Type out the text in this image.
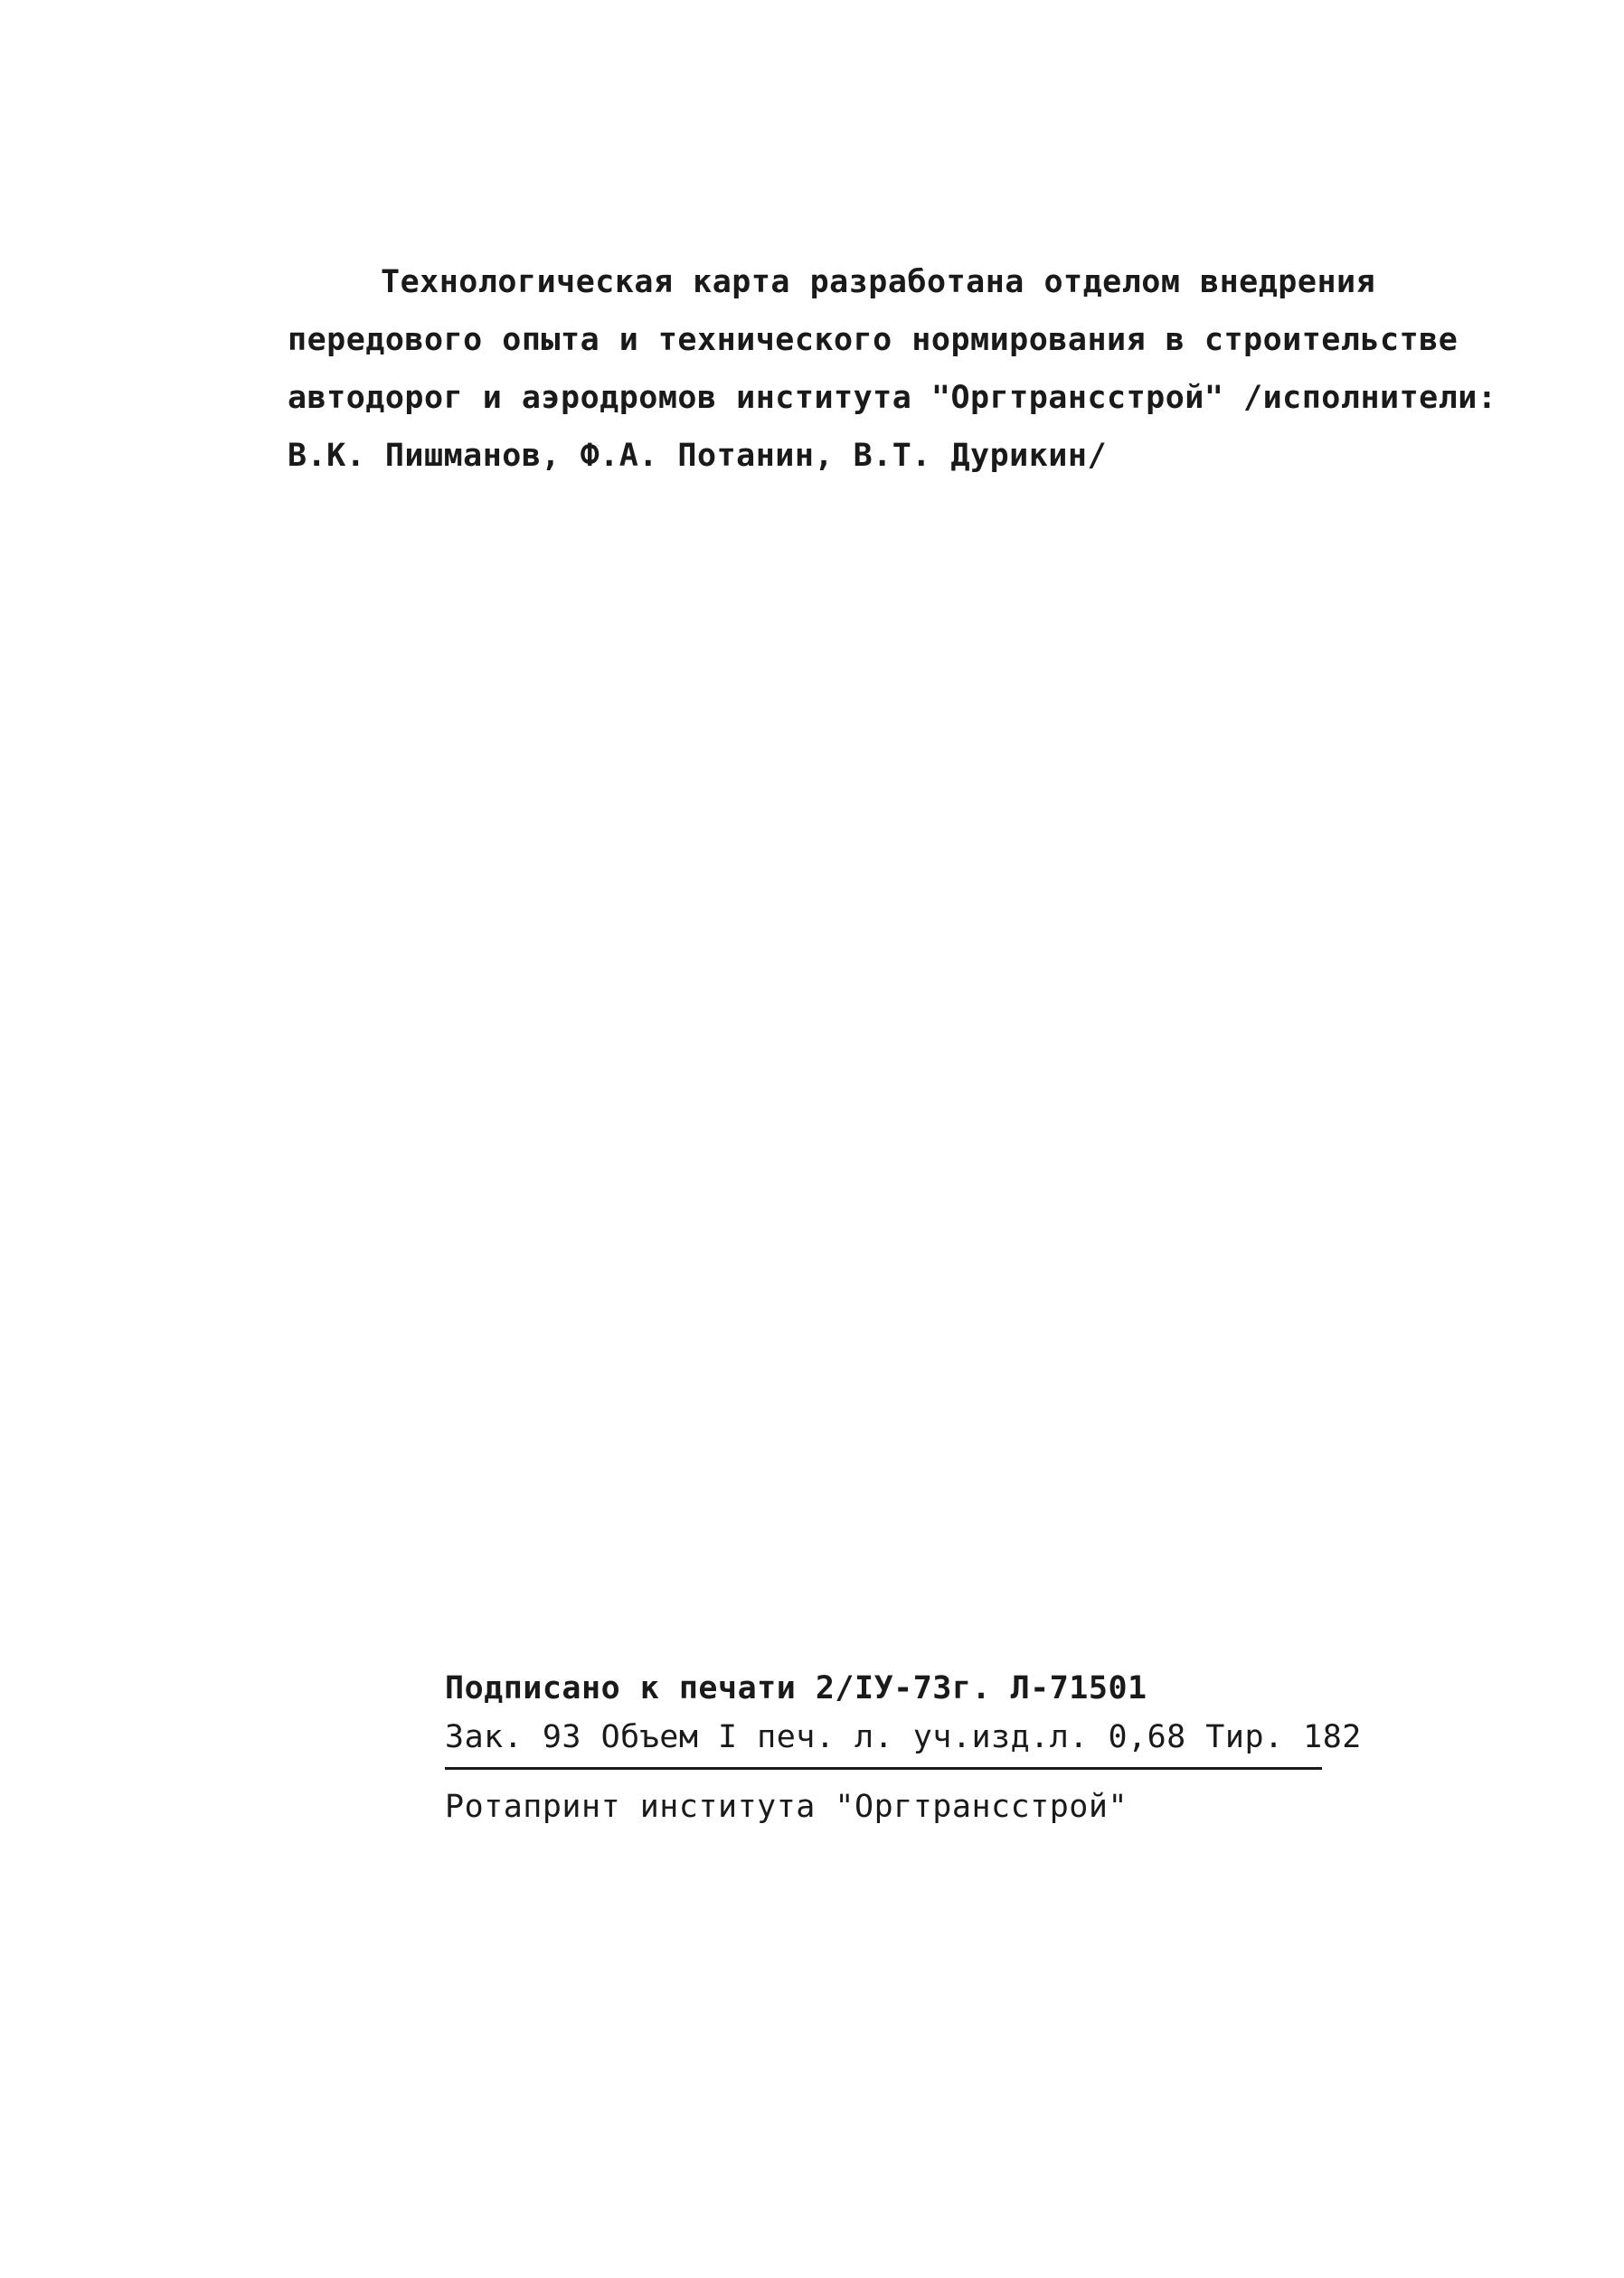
Технологическая карта разработана отделом внедрения
передового опыта и технического нормирования в строительстве
автодорог и аэродромов института "Оргтрансстрой" /исполнители:
В.К. Пишманов, Ф.А. Потанин, В.Т. Дурикин/
Подписано к печати 2/IУ-73г. Л-71501
Зак. 93 Объем I печ. л. уч.изд.л. 0,68 Тир. 182
Ротапринт института "Оргтрансстрой"
